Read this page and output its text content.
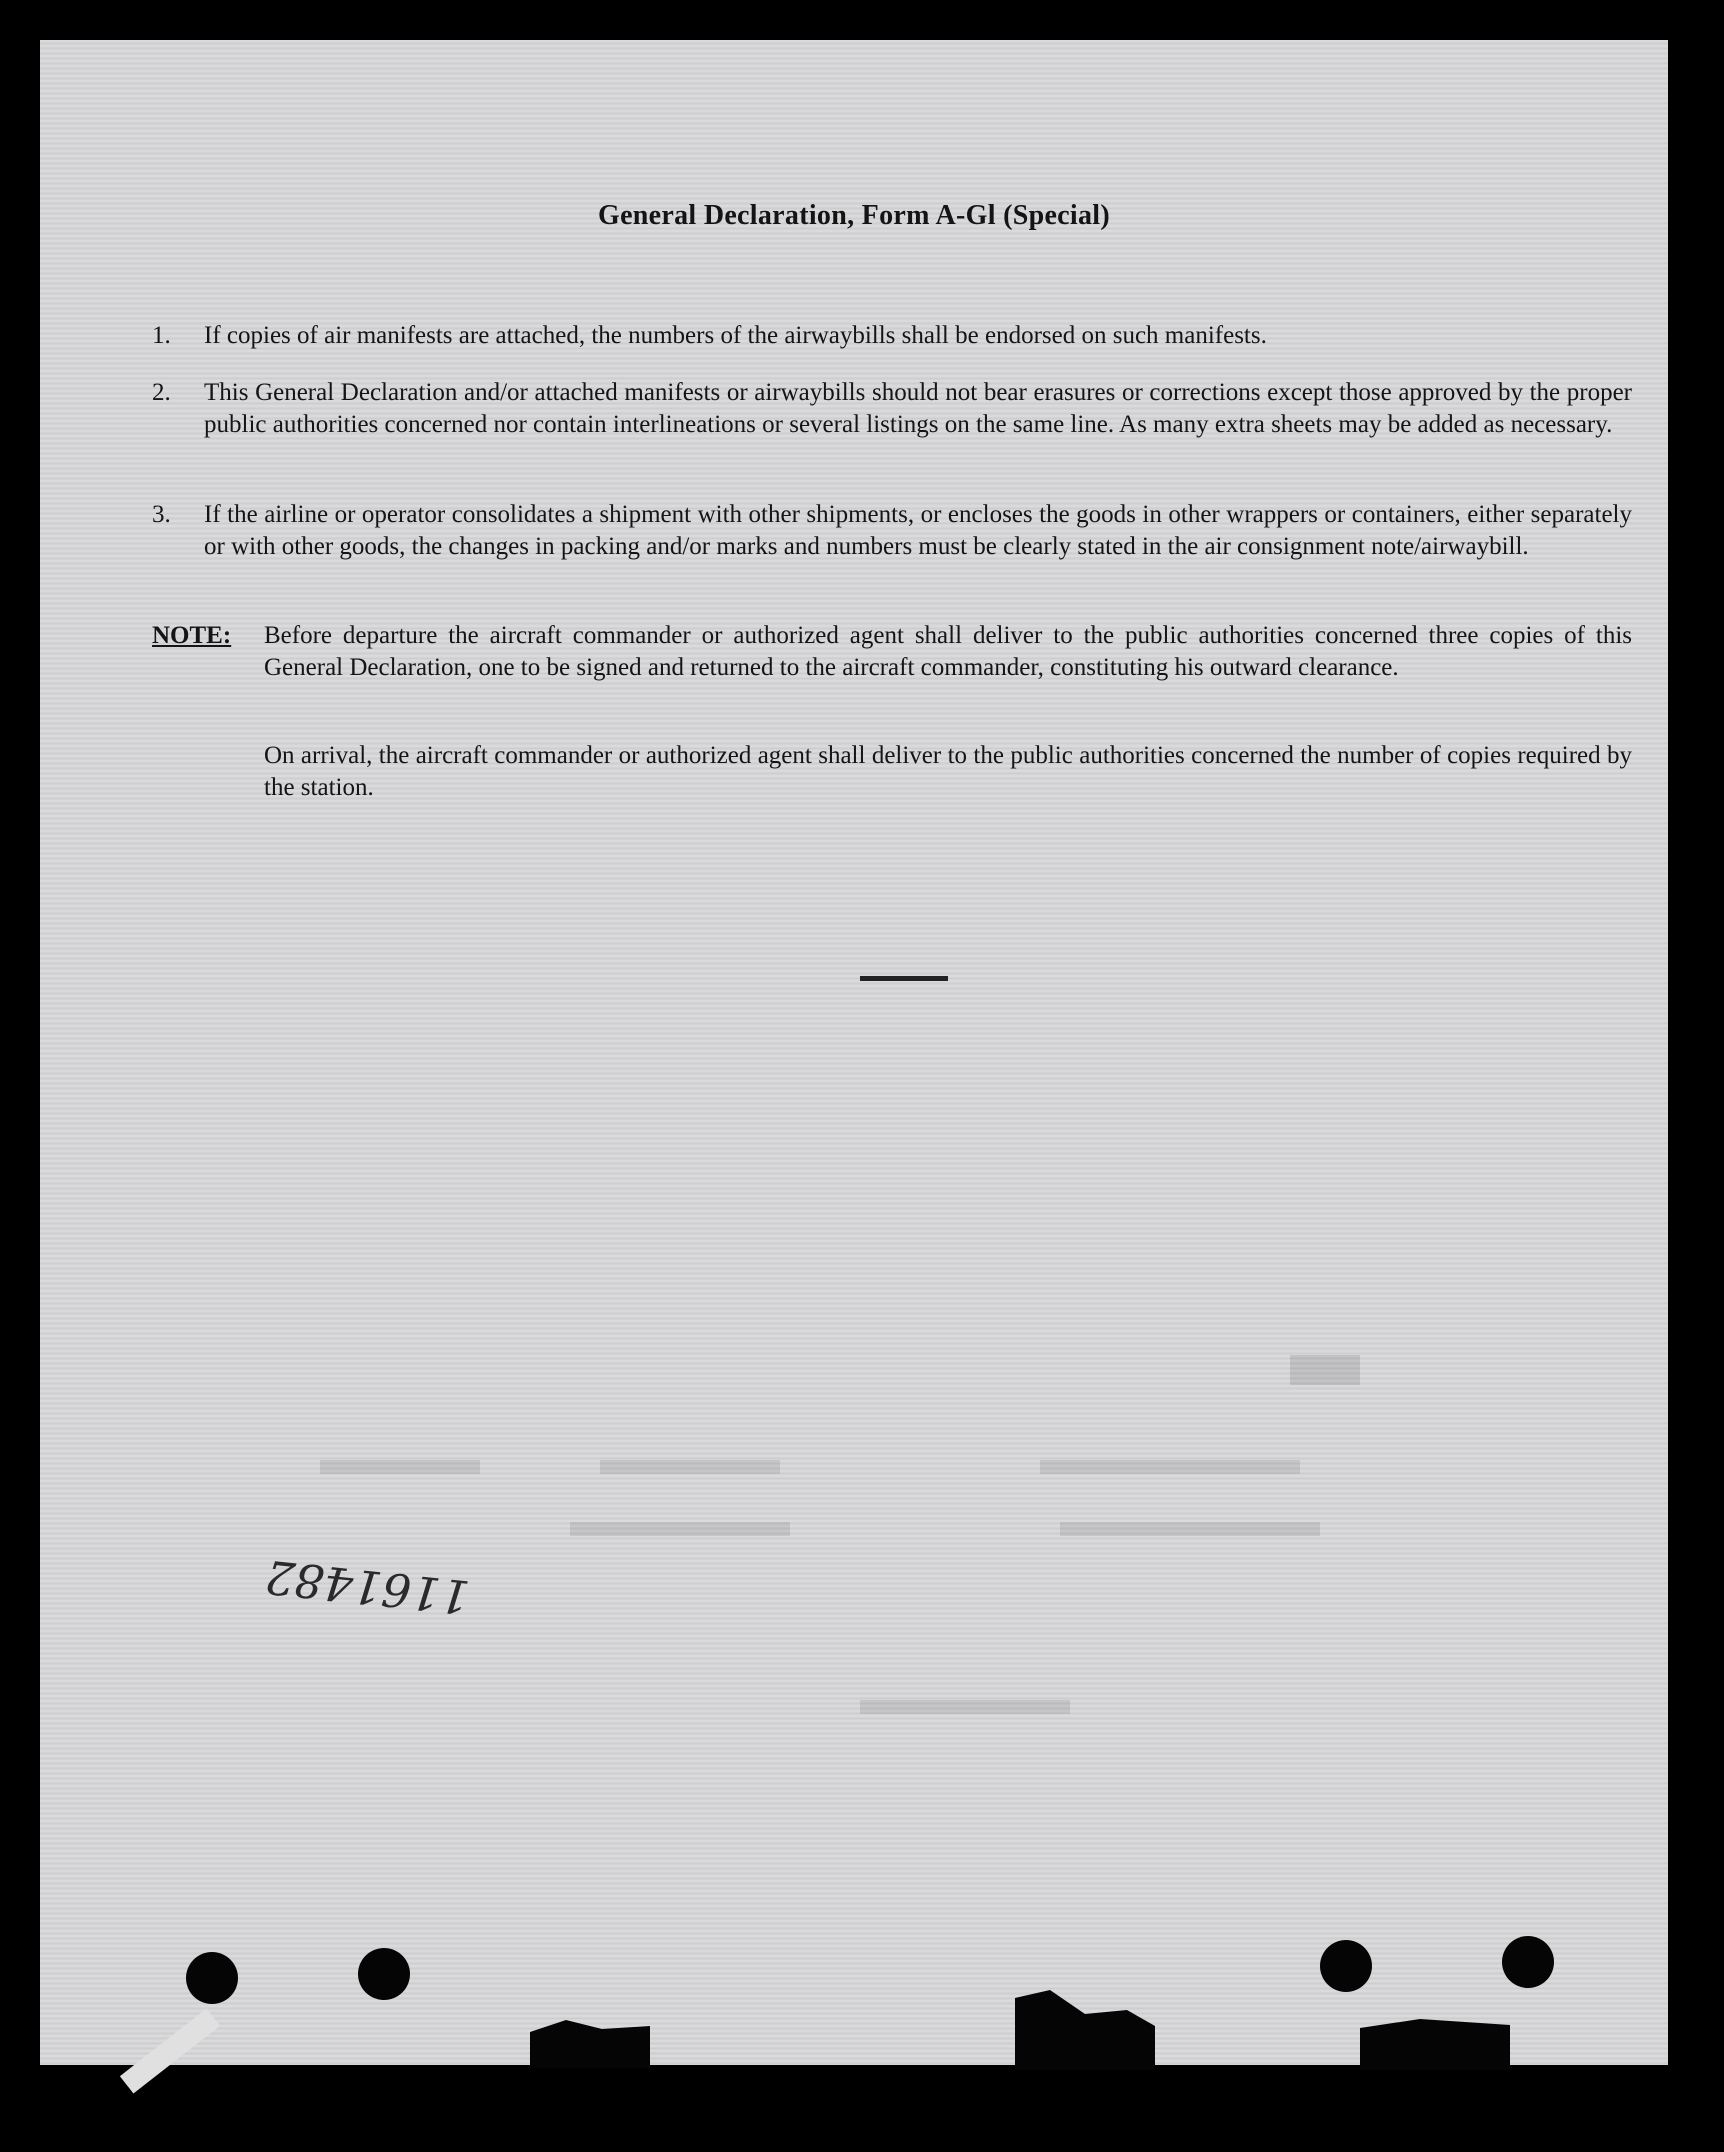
General Declaration, Form A-Gl (Special)
1.	If copies of air manifests are attached, the numbers of the airwaybills shall be endorsed on such manifests.
2.	This General Declaration and/or attached manifests or airwaybills should not bear erasures or corrections except those approved by the proper public authorities concerned nor contain interlineations or several listings on the same line. As many extra sheets may be added as necessary.
3.	If the airline or operator consolidates a shipment with other shipments, or encloses the goods in other wrappers or containers, either separately or with other goods, the changes in packing and/or marks and numbers must be clearly stated in the air consignment note/airwaybill.
NOTE: Before departure the aircraft commander or authorized agent shall deliver to the public authorities concerned three copies of this General Declaration, one to be signed and returned to the aircraft commander, constituting his outward clearance.
On arrival, the aircraft commander or authorized agent shall deliver to the public authorities concerned the number of copies required by the station.
1161482
